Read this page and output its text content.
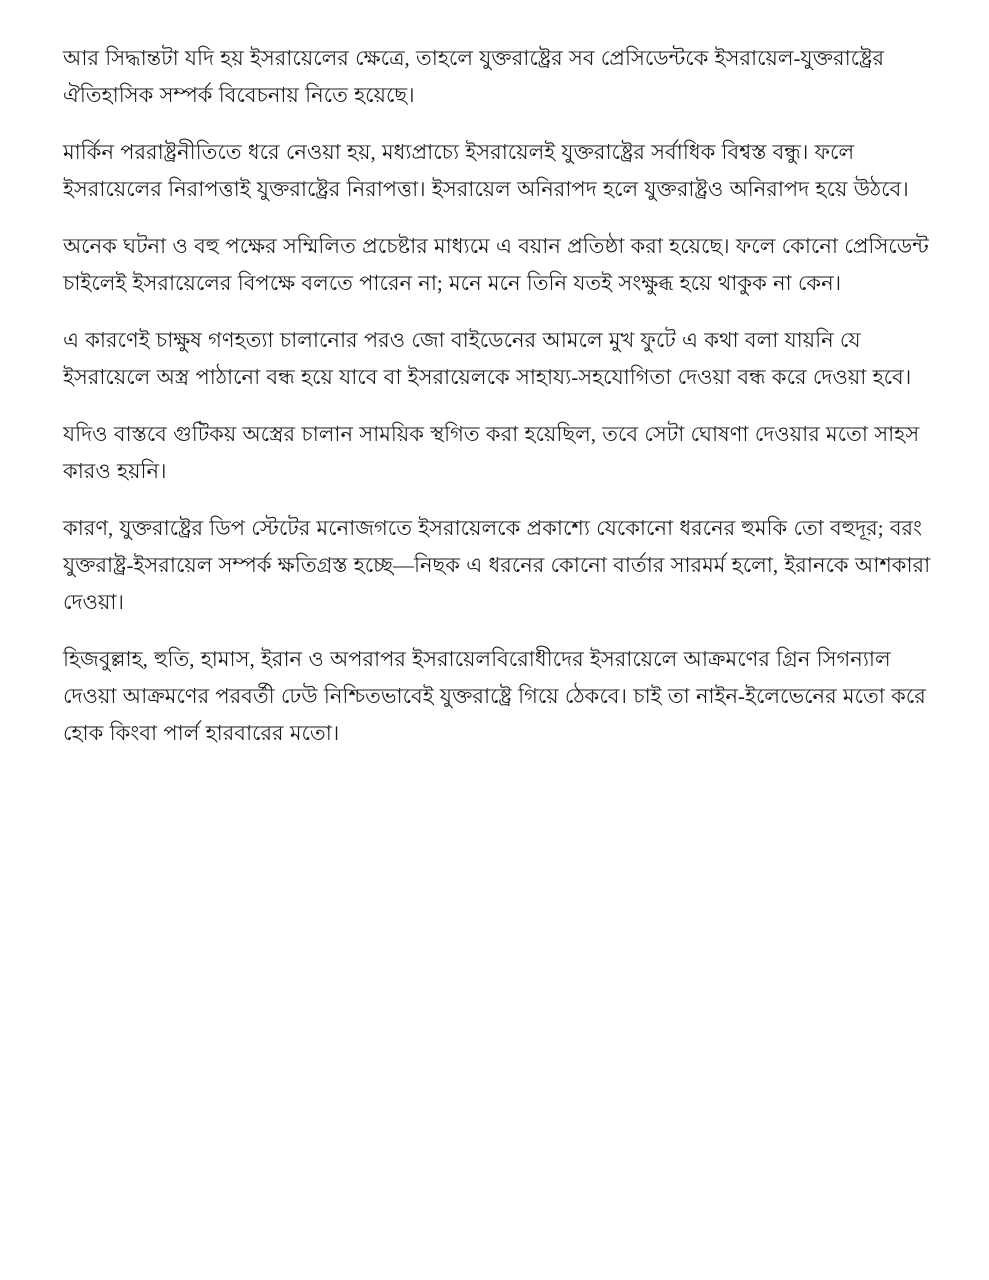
আর সিদ্ধান্তটা যদি হয় ইসরায়েলের ক্ষেত্রে, তাহলে যুক্তরাষ্ট্রের সব প্রেসিডেন্টকে ইসরায়েল-যুক্তরাষ্ট্রের ঐতিহাসিক সম্পর্ক বিবেচনায় নিতে হয়েছে।

মার্কিন পররাষ্ট্রনীতিতে ধরে নেওয়া হয়, মধ্যপ্রাচ্যে ইসরায়েলই যুক্তরাষ্ট্রের সর্বাধিক বিশ্বস্ত বন্ধু। ফলে ইসরায়েলের নিরাপত্তাই যুক্তরাষ্ট্রের নিরাপত্তা। ইসরায়েল অনিরাপদ হলে যুক্তরাষ্ট্রও অনিরাপদ হয়ে উঠবে।

অনেক ঘটনা ও বহু পক্ষের সম্মিলিত প্রচেষ্টার মাধ্যমে এ বয়ান প্রতিষ্ঠা করা হয়েছে। ফলে কোনো প্রেসিডেন্ট চাইলেই ইসরায়েলের বিপক্ষে বলতে পারেন না; মনে মনে তিনি যতই সংক্ষুব্ধ হয়ে থাকুক না কেন।

এ কারণেই চাক্ষুষ গণহত্যা চালানোর পরও জো বাইডেনের আমলে মুখ ফুটে এ কথা বলা যায়নি যে ইসরায়েলে অস্ত্র পাঠানো বন্ধ হয়ে যাবে বা ইসরায়েলকে সাহায্য-সহযোগিতা দেওয়া বন্ধ করে দেওয়া হবে।

যদিও বাস্তবে গুটিকয় অস্ত্রের চালান সাময়িক স্থগিত করা হয়েছিল, তবে সেটা ঘোষণা দেওয়ার মতো সাহস কারও হয়নি।

কারণ, যুক্তরাষ্ট্রের ডিপ স্টেটের মনোজগতে ইসরায়েলকে প্রকাশ্যে যেকোনো ধরনের হুমকি তো বহুদূর; বরং যুক্তরাষ্ট্র-ইসরায়েল সম্পর্ক ক্ষতিগ্রস্ত হচ্ছে—নিছক এ ধরনের কোনো বার্তার সারমর্ম হলো, ইরানকে আশকারা দেওয়া।

হিজবুল্লাহ, হুতি, হামাস, ইরান ও অপরাপর ইসরায়েলবিরোধীদের ইসরায়েলে আক্রমণের গ্রিন সিগন্যাল দেওয়া আক্রমণের পরবর্তী ঢেউ নিশ্চিতভাবেই যুক্তরাষ্ট্রে গিয়ে ঠেকবে। চাই তা নাইন-ইলেভেনের মতো করে হোক কিংবা পার্ল হারবারের মতো।
